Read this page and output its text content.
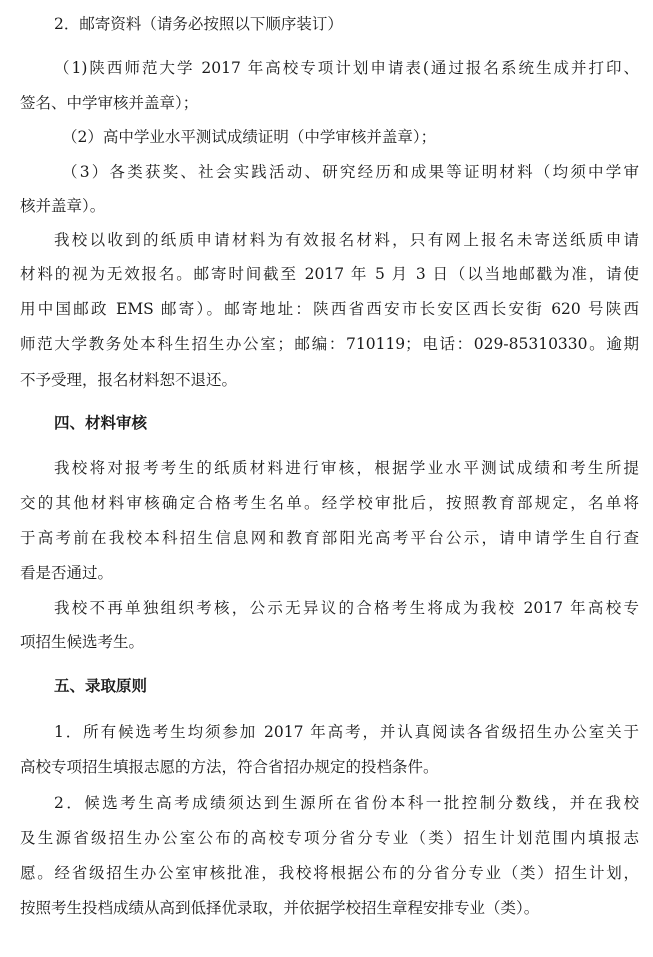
2．邮寄资料（请务必按照以下顺序装订）
（1)陕西师范大学 2017 年高校专项计划申请表(通过报名系统生成并打印、
签名、中学审核并盖章）；
（2）高中学业水平测试成绩证明（中学审核并盖章）；
（3）各类获奖、社会实践活动、研究经历和成果等证明材料（均须中学审
核并盖章）。
我校以收到的纸质申请材料为有效报名材料，只有网上报名未寄送纸质申请
材料的视为无效报名。邮寄时间截至 2017 年 5 月 3 日（以当地邮戳为准，请使
用中国邮政 EMS 邮寄）。邮寄地址：陕西省西安市长安区西长安街 620 号陕西
师范大学教务处本科生招生办公室；邮编：710119；电话：029-85310330。逾期
不予受理，报名材料恕不退还。
四、材料审核
我校将对报考考生的纸质材料进行审核，根据学业水平测试成绩和考生所提
交的其他材料审核确定合格考生名单。经学校审批后，按照教育部规定，名单将
于高考前在我校本科招生信息网和教育部阳光高考平台公示，请申请学生自行查
看是否通过。
我校不再单独组织考核，公示无异议的合格考生将成为我校 2017 年高校专
项招生候选考生。
五、录取原则
1．所有候选考生均须参加 2017 年高考，并认真阅读各省级招生办公室关于
高校专项招生填报志愿的方法，符合省招办规定的投档条件。
2．候选考生高考成绩须达到生源所在省份本科一批控制分数线，并在我校
及生源省级招生办公室公布的高校专项分省分专业（类）招生计划范围内填报志
愿。经省级招生办公室审核批准，我校将根据公布的分省分专业（类）招生计划，
按照考生投档成绩从高到低择优录取，并依据学校招生章程安排专业（类）。
